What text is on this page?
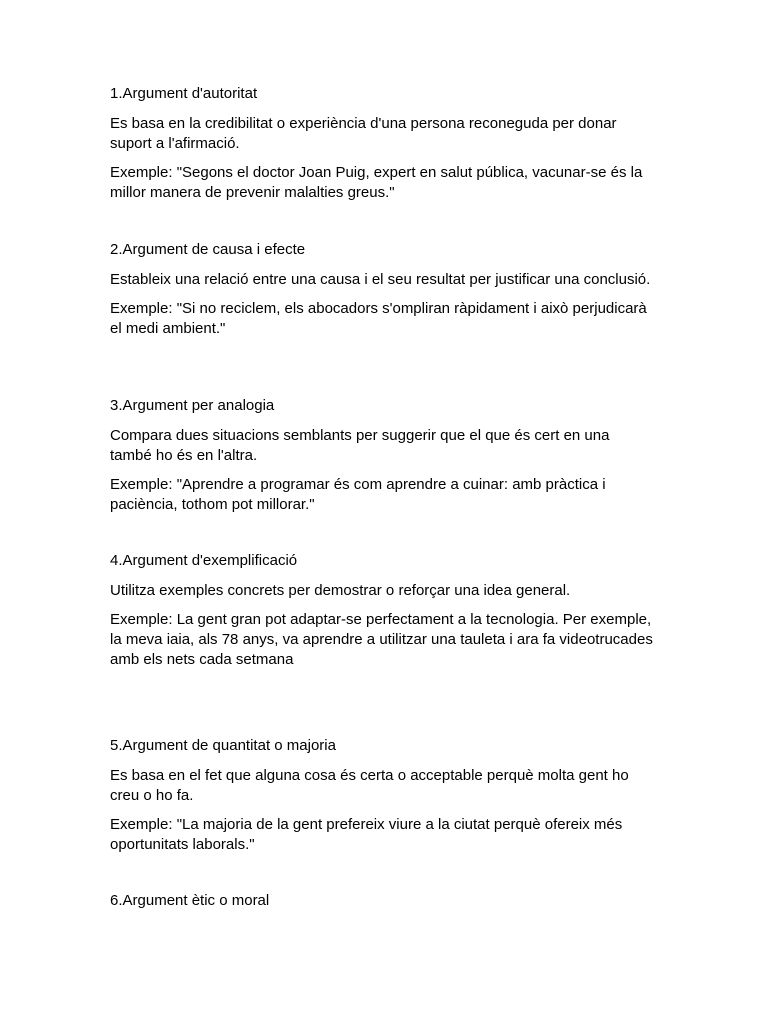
1.Argument d'autoritat
Es basa en la credibilitat o experiència d'una persona reconeguda per donar suport a l'afirmació.
Exemple: "Segons el doctor Joan Puig, expert en salut pública, vacunar-se és la millor manera de prevenir malalties greus."
2.Argument de causa i efecte
Estableix una relació entre una causa i el seu resultat per justificar una conclusió.
Exemple: "Si no reciclem, els abocadors s'ompliran ràpidament i això perjudicarà el medi ambient."
3.Argument per analogia
Compara dues situacions semblants per suggerir que el que és cert en una també ho és en l'altra.
Exemple: "Aprendre a programar és com aprendre a cuinar: amb pràctica i paciència, tothom pot millorar."
4.Argument d'exemplificació
Utilitza exemples concrets per demostrar o reforçar una idea general.
Exemple: La gent gran pot adaptar-se perfectament a la tecnologia. Per exemple, la meva iaia, als 78 anys, va aprendre a utilitzar una tauleta i ara fa videotrucades amb els nets cada setmana
5.Argument de quantitat o majoria
Es basa en el fet que alguna cosa és certa o acceptable perquè molta gent ho creu o ho fa.
Exemple: "La majoria de la gent prefereix viure a la ciutat perquè ofereix més oportunitats laborals."
6.Argument ètic o moral
